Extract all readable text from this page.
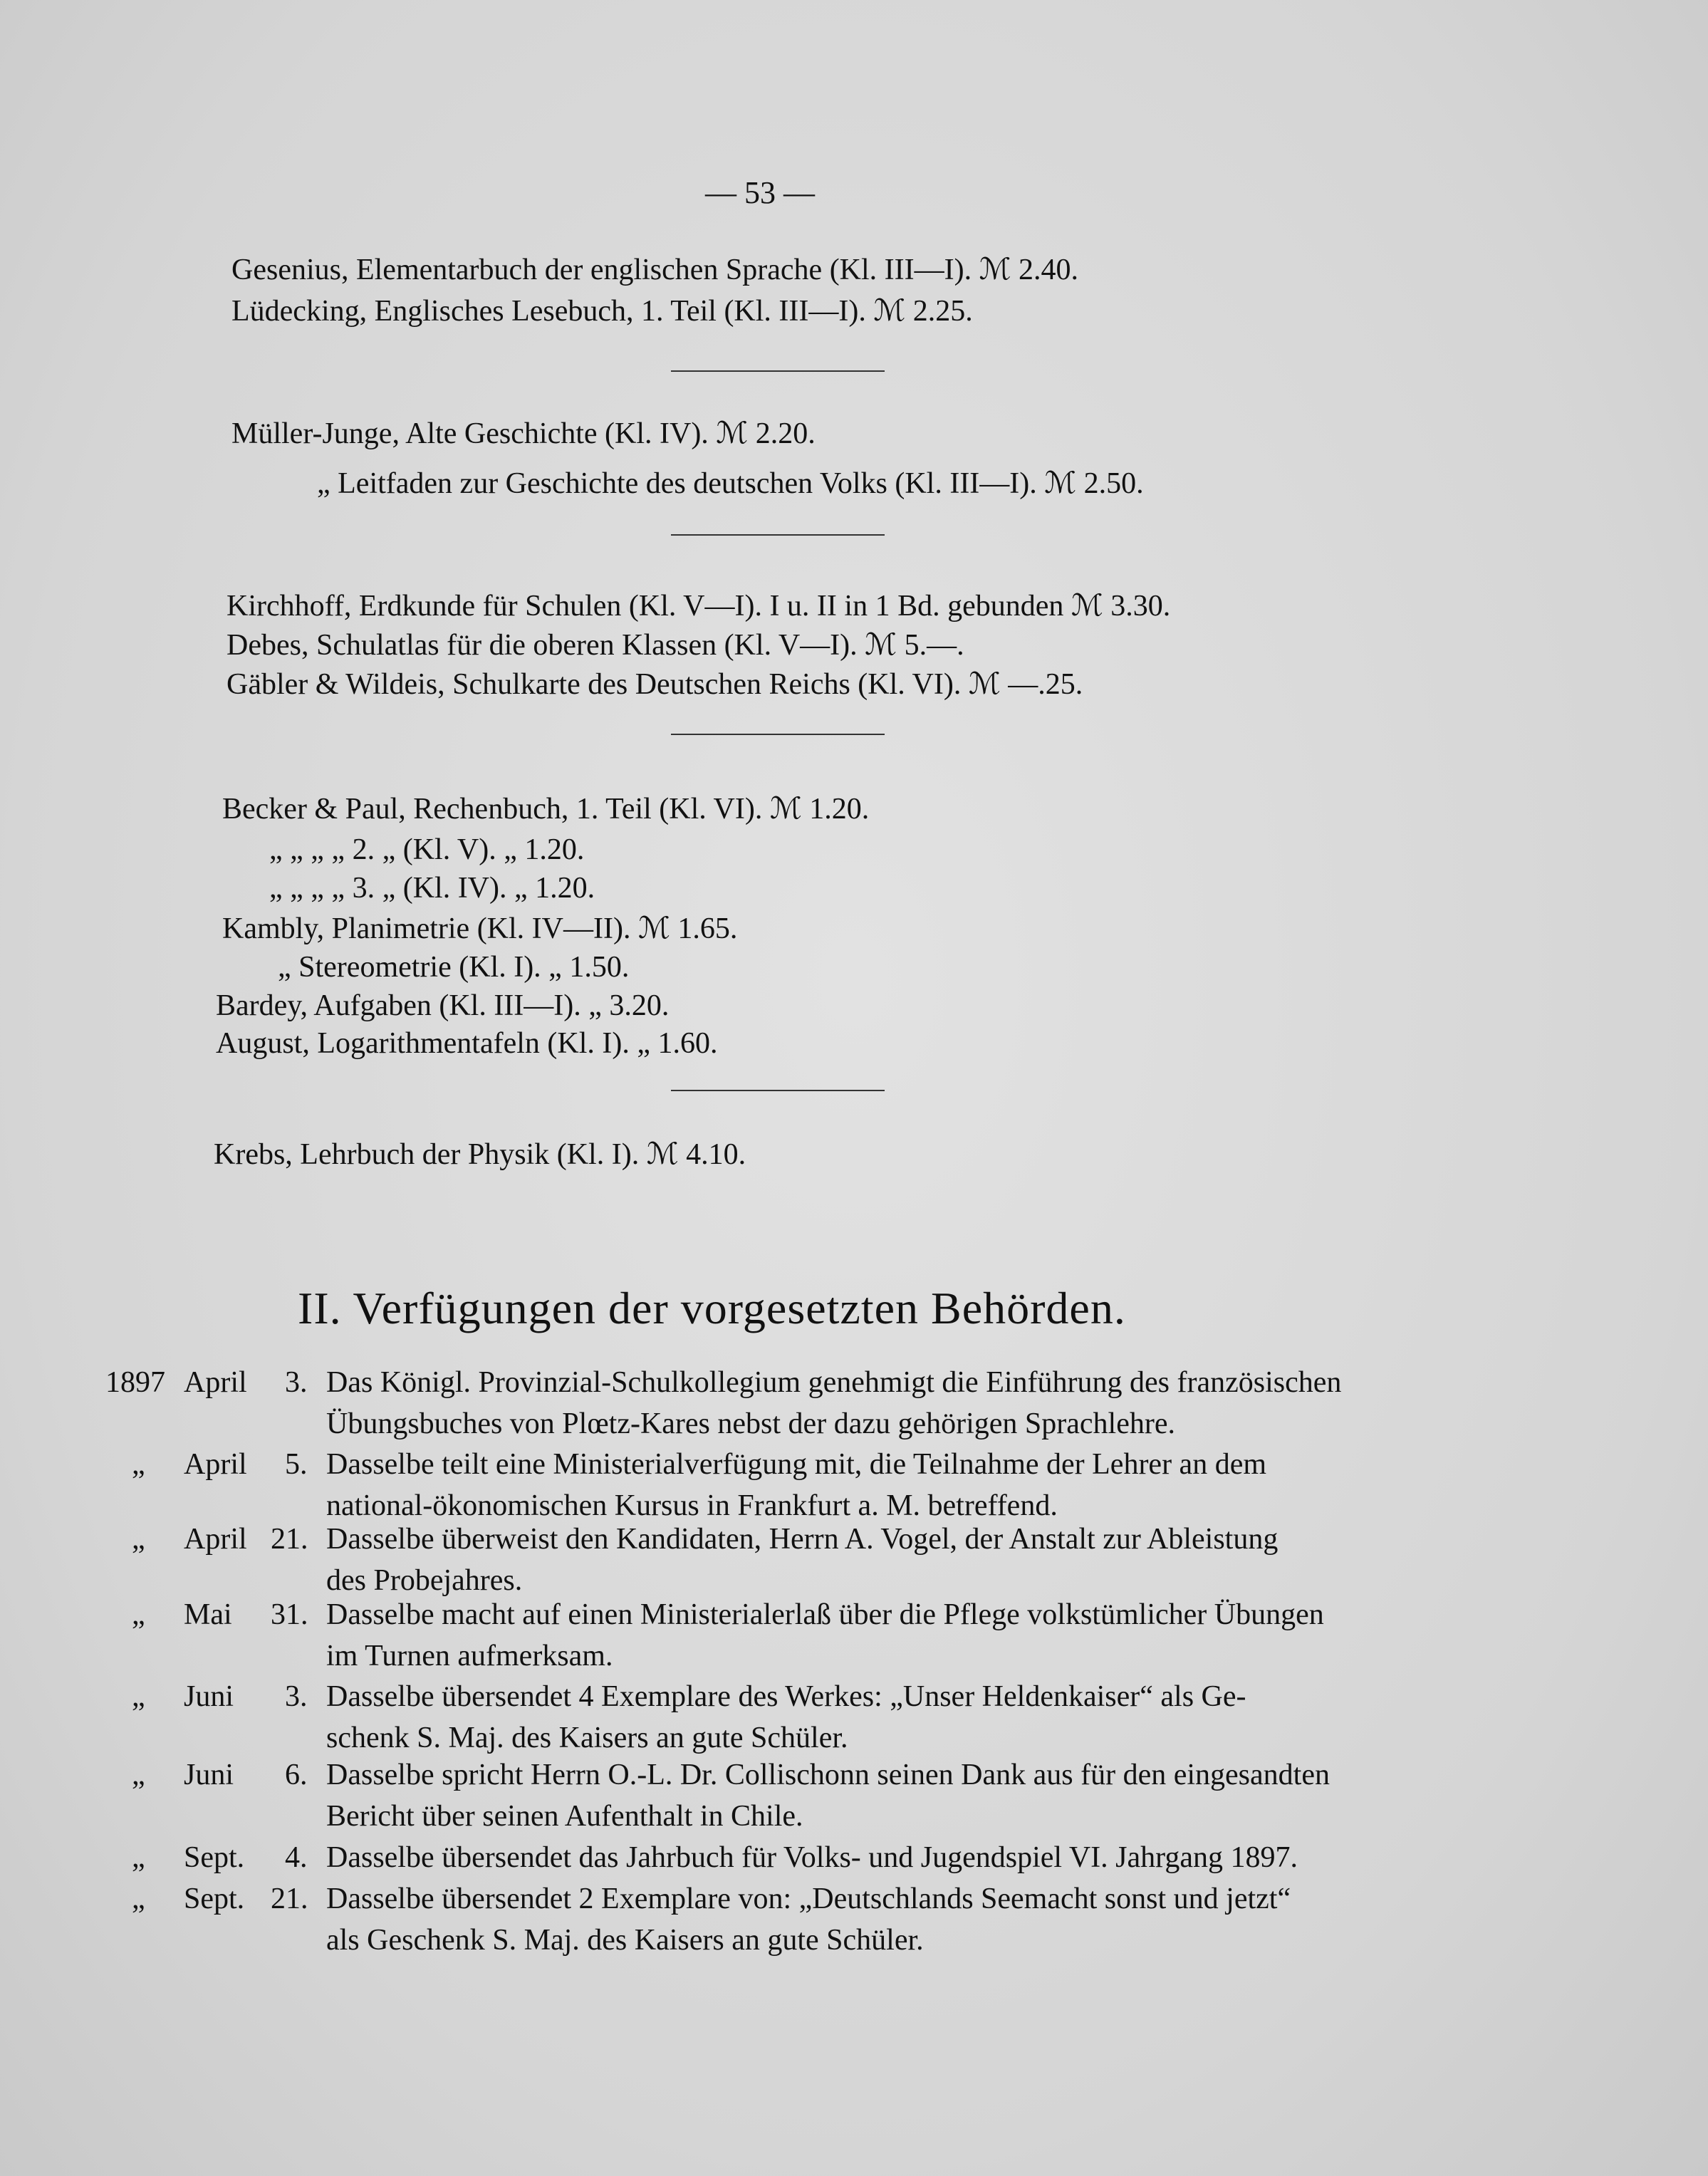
— 53 —
Gesenius, Elementarbuch der englischen Sprache (Kl. III—I). ℳ 2.40.
Lüdecking, Englisches Lesebuch, 1. Teil (Kl. III—I). ℳ 2.25.
Müller-Junge, Alte Geschichte (Kl. IV). ℳ 2.20.
„ Leitfaden zur Geschichte des deutschen Volks (Kl. III—I). ℳ 2.50.
Kirchhoff, Erdkunde für Schulen (Kl. V—I). I u. II in 1 Bd. gebunden ℳ 3.30.
Debes, Schulatlas für die oberen Klassen (Kl. V—I). ℳ 5.—.
Gäbler & Wildeis, Schulkarte des Deutschen Reichs (Kl. VI). ℳ —.25.
Becker & Paul, Rechenbuch, 1. Teil (Kl. VI). ℳ 1.20.
„ „ „ „ 2. „ (Kl. V). „ 1.20.
„ „ „ „ 3. „ (Kl. IV). „ 1.20.
Kambly, Planimetrie (Kl. IV—II). ℳ 1.65.
„ Stereometrie (Kl. I). „ 1.50.
Bardey, Aufgaben (Kl. III—I). „ 3.20.
August, Logarithmentafeln (Kl. I). „ 1.60.
Krebs, Lehrbuch der Physik (Kl. I). ℳ 4.10.
II. Verfügungen der vorgesetzten Behörden.
1897 April 3. Das Königl. Provinzial-Schulkollegium genehmigt die Einführung des französischen
Übungsbuches von Plœtz-Kares nebst der dazu gehörigen Sprachlehre.
„ April 5. Dasselbe teilt eine Ministerialverfügung mit, die Teilnahme der Lehrer an dem
national-ökonomischen Kursus in Frankfurt a. M. betreffend.
„ April 21. Dasselbe überweist den Kandidaten, Herrn A. Vogel, der Anstalt zur Ableistung
des Probejahres.
„ Mai 31. Dasselbe macht auf einen Ministerialerlaß über die Pflege volkstümlicher Übungen
im Turnen aufmerksam.
„ Juni 3. Dasselbe übersendet 4 Exemplare des Werkes: „Unser Heldenkaiser“ als Ge-
schenk S. Maj. des Kaisers an gute Schüler.
„ Juni 6. Dasselbe spricht Herrn O.-L. Dr. Collischonn seinen Dank aus für den eingesandten
Bericht über seinen Aufenthalt in Chile.
„ Sept. 4. Dasselbe übersendet das Jahrbuch für Volks- und Jugendspiel VI. Jahrgang 1897.
„ Sept. 21. Dasselbe übersendet 2 Exemplare von: „Deutschlands Seemacht sonst und jetzt“
als Geschenk S. Maj. des Kaisers an gute Schüler.
